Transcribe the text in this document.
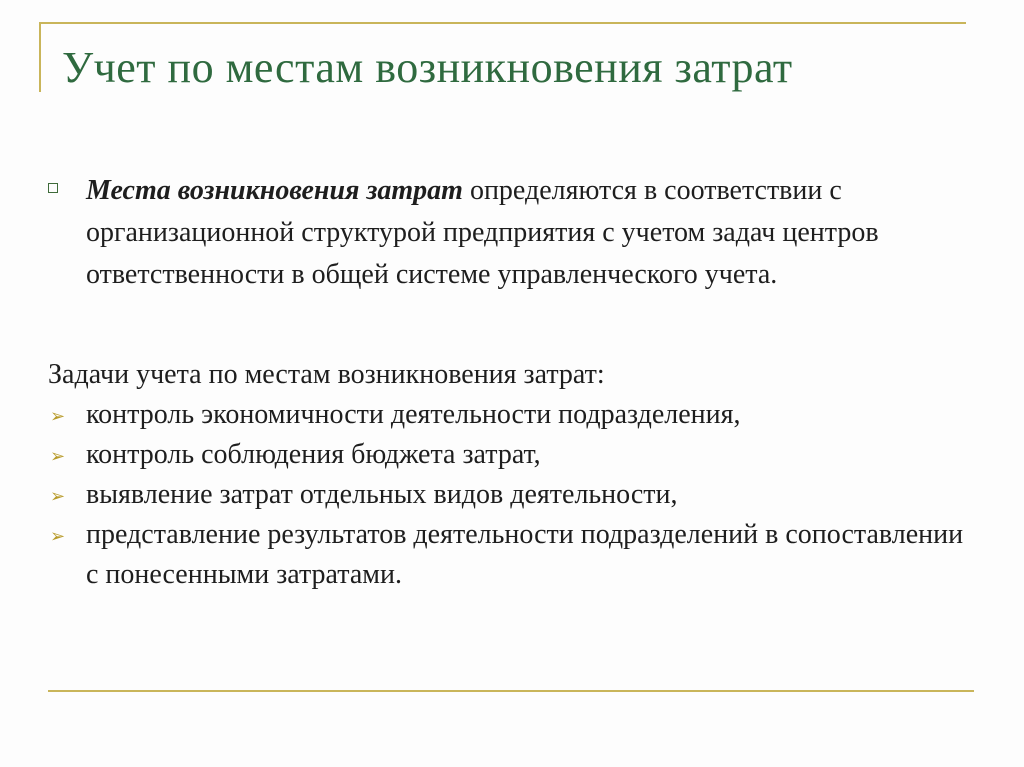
Учет по местам возникновения затрат

Места возникновения затрат определяются в соответствии с организационной структурой предприятия с учетом задач центров ответственности в общей системе управленческого учета.

Задачи учета по местам возникновения затрат:

➢ контроль экономичности деятельности подразделения,
➢ контроль соблюдения бюджета затрат,
➢ выявление затрат отдельных видов деятельности,
➢ представление результатов деятельности подразделений в сопоставлении с понесенными затратами.
